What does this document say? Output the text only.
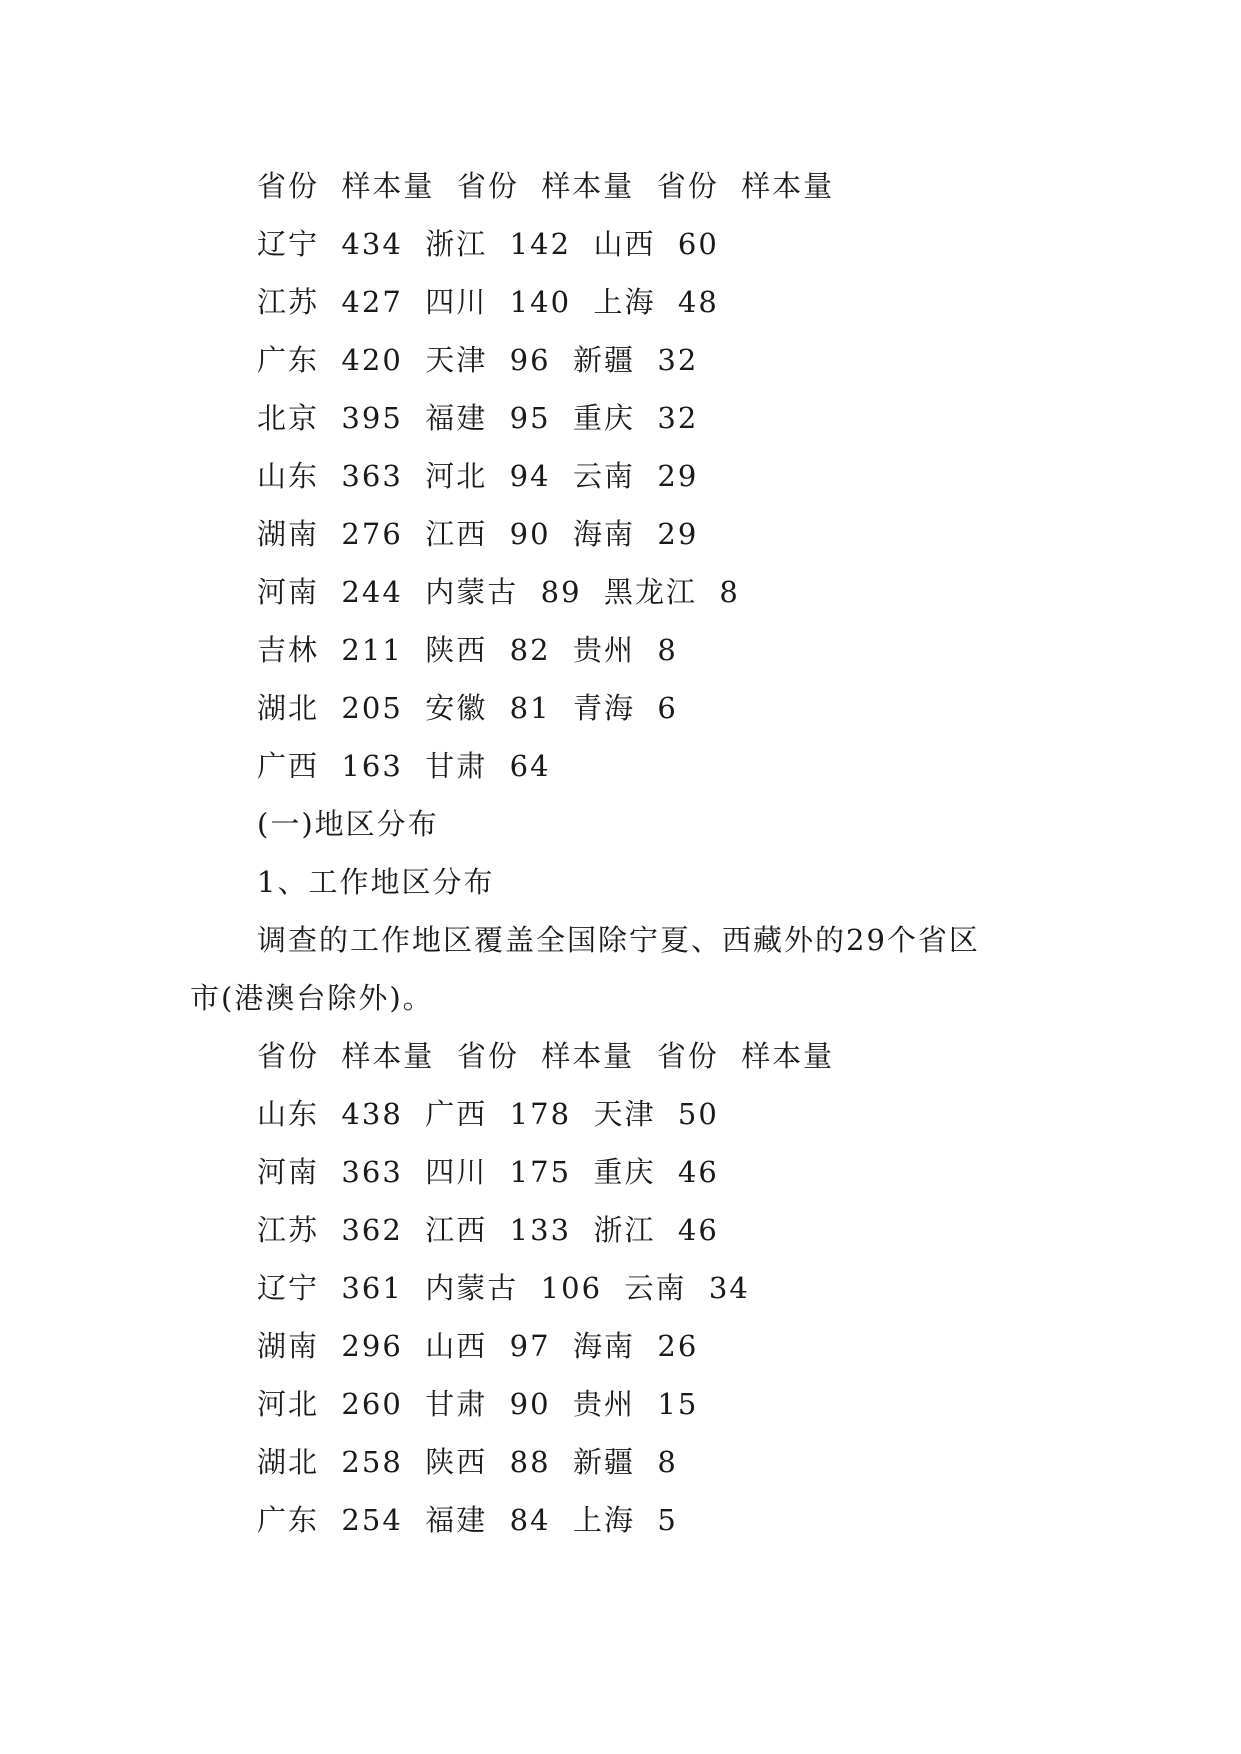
省份  样本量  省份  样本量  省份  样本量
辽宁  434  浙江  142  山西  60
江苏  427  四川  140  上海  48
广东  420  天津  96  新疆  32
北京  395  福建  95  重庆  32
山东  363  河北  94  云南  29
湖南  276  江西  90  海南  29
河南  244  内蒙古  89  黑龙江  8
吉林  211  陕西  82  贵州  8
湖北  205  安徽  81  青海  6
广西  163  甘肃  64
(一)地区分布
1、工作地区分布
调查的工作地区覆盖全国除宁夏、西藏外的29个省区
市(港澳台除外)。
省份  样本量  省份  样本量  省份  样本量
山东  438  广西  178  天津  50
河南  363  四川  175  重庆  46
江苏  362  江西  133  浙江  46
辽宁  361  内蒙古  106  云南  34
湖南  296  山西  97  海南  26
河北  260  甘肃  90  贵州  15
湖北  258  陕西  88  新疆  8
广东  254  福建  84  上海  5
